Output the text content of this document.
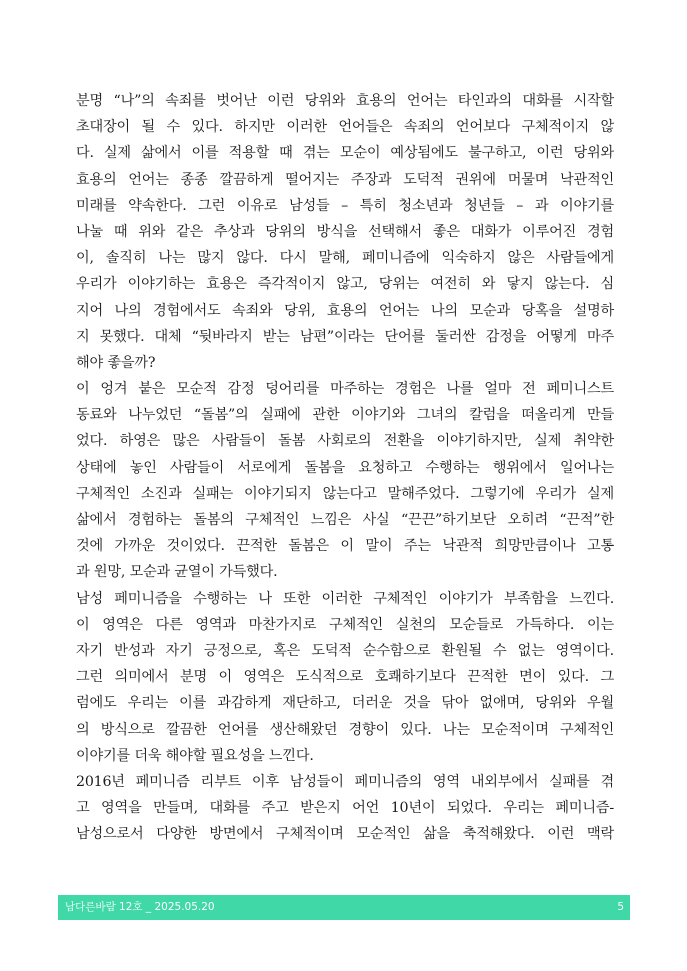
분명 “나”의 속죄를 벗어난 이런 당위와 효용의 언어는 타인과의 대화를 시작할
초대장이 될 수 있다. 하지만 이러한 언어들은 속죄의 언어보다 구체적이지 않
다. 실제 삶에서 이를 적용할 때 겪는 모순이 예상됨에도 불구하고, 이런 당위와
효용의 언어는 종종 깔끔하게 떨어지는 주장과 도덕적 권위에 머물며 낙관적인
미래를 약속한다. 그런 이유로 남성들 – 특히 청소년과 청년들 – 과 이야기를
나눌 때 위와 같은 추상과 당위의 방식을 선택해서 좋은 대화가 이루어진 경험
이, 솔직히 나는 많지 않다. 다시 말해, 페미니즘에 익숙하지 않은 사람들에게
우리가 이야기하는 효용은 즉각적이지 않고, 당위는 여전히 와 닿지 않는다. 심
지어 나의 경험에서도 속죄와 당위, 효용의 언어는 나의 모순과 당혹을 설명하
지 못했다. 대체 “뒷바라지 받는 남편”이라는 단어를 둘러싼 감정을 어떻게 마주
해야 좋을까?
이 엉겨 붙은 모순적 감정 덩어리를 마주하는 경험은 나를 얼마 전 페미니스트
동료와 나누었던 “돌봄”의 실패에 관한 이야기와 그녀의 칼럼을 떠올리게 만들
었다. 하영은 많은 사람들이 돌봄 사회로의 전환을 이야기하지만, 실제 취약한
상태에 놓인 사람들이 서로에게 돌봄을 요청하고 수행하는 행위에서 일어나는
구체적인 소진과 실패는 이야기되지 않는다고 말해주었다. 그렇기에 우리가 실제
삶에서 경험하는 돌봄의 구체적인 느낌은 사실 “끈끈”하기보단 오히려 “끈적”한
것에 가까운 것이었다. 끈적한 돌봄은 이 말이 주는 낙관적 희망만큼이나 고통
과 원망, 모순과 균열이 가득했다.
남성 페미니즘을 수행하는 나 또한 이러한 구체적인 이야기가 부족함을 느낀다.
이 영역은 다른 영역과 마찬가지로 구체적인 실천의 모순들로 가득하다. 이는
자기 반성과 자기 긍정으로, 혹은 도덕적 순수함으로 환원될 수 없는 영역이다.
그런 의미에서 분명 이 영역은 도식적으로 호쾌하기보다 끈적한 면이 있다. 그
럼에도 우리는 이를 과감하게 재단하고, 더러운 것을 닦아 없애며, 당위와 우월
의 방식으로 깔끔한 언어를 생산해왔던 경향이 있다. 나는 모순적이며 구체적인
이야기를 더욱 해야할 필요성을 느낀다.
2016년 페미니즘 리부트 이후 남성들이 페미니즘의 영역 내외부에서 실패를 겪
고 영역을 만들며, 대화를 주고 받은지 어언 10년이 되었다. 우리는 페미니즘-
남성으로서 다양한 방면에서 구체적이며 모순적인 삶을 축적해왔다. 이런 맥락
남다른바람 12호 _ 2025.05.20	5
